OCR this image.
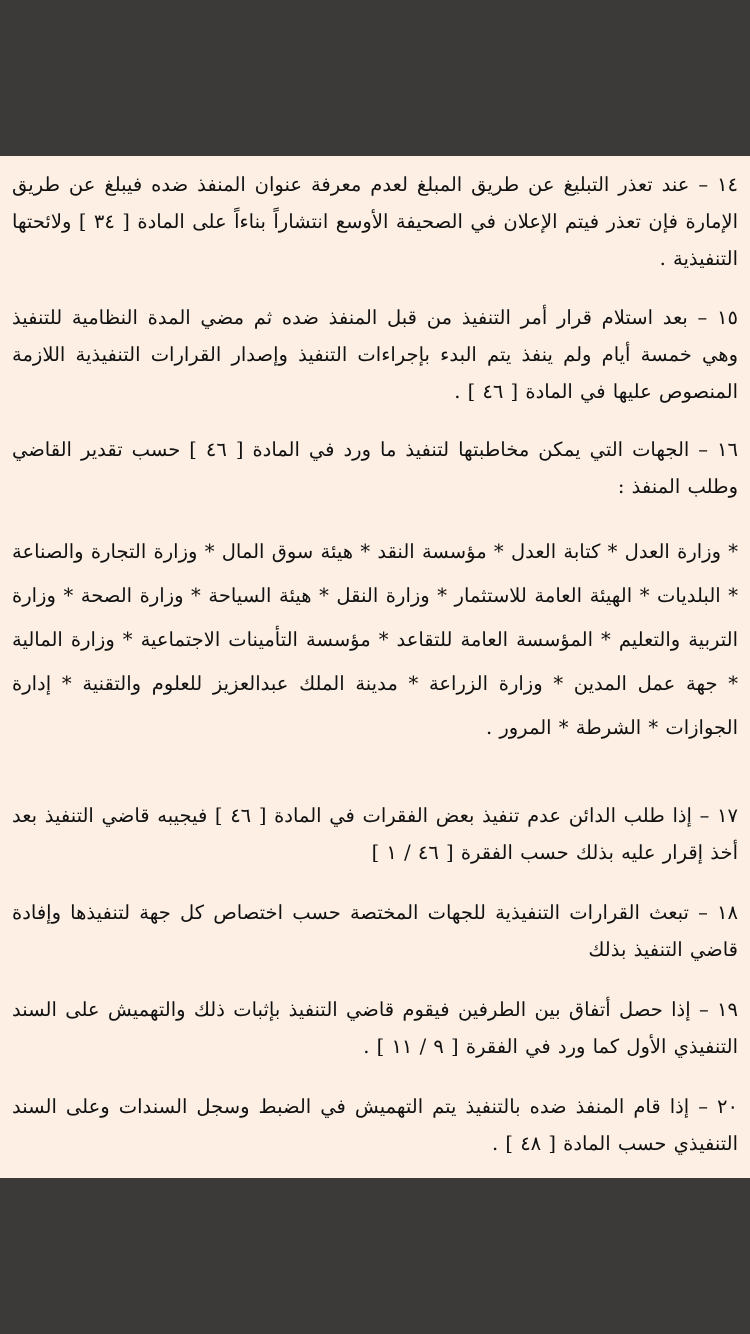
١٤ – عند تعذر التبليغ عن طريق المبلغ لعدم معرفة عنوان المنفذ ضده فيبلغ عن طريق الإمارة فإن تعذر فيتم الإعلان في الصحيفة الأوسع انتشاراً بناءاً على المادة [ ٣٤ ] ولائحتها التنفيذية .

١٥ – بعد استلام قرار أمر التنفيذ من قبل المنفذ ضده ثم مضي المدة النظامية للتنفيذ وهي خمسة أيام ولم ينفذ يتم البدء بإجراءات التنفيذ وإصدار القرارات التنفيذية اللازمة المنصوص عليها في المادة [ ٤٦ ] .

١٦ – الجهات التي يمكن مخاطبتها لتنفيذ ما ورد في المادة [ ٤٦ ] حسب تقدير القاضي وطلب المنفذ :

* وزارة العدل * كتابة العدل * مؤسسة النقد * هيئة سوق المال * وزارة التجارة والصناعة * البلديات * الهيئة العامة للاستثمار * وزارة النقل * هيئة السياحة * وزارة الصحة * وزارة التربية والتعليم * المؤسسة العامة للتقاعد * مؤسسة التأمينات الاجتماعية * وزارة المالية * جهة عمل المدين * وزارة الزراعة * مدينة الملك عبدالعزيز للعلوم والتقنية * إدارة الجوازات * الشرطة * المرور .

١٧ – إذا طلب الدائن عدم تنفيذ بعض الفقرات في المادة [ ٤٦ ] فيجيبه قاضي التنفيذ بعد أخذ إقرار عليه بذلك حسب الفقرة [ ٤٦ / ١ ]

١٨ – تبعث القرارات التنفيذية للجهات المختصة حسب اختصاص كل جهة لتنفيذها وإفادة قاضي التنفيذ بذلك

١٩ – إذا حصل أتفاق بين الطرفين فيقوم قاضي التنفيذ بإثبات ذلك والتهميش على السند التنفيذي الأول كما ورد في الفقرة [ ٩ / ١١ ] .

٢٠ – إذا قام المنفذ ضده بالتنفيذ يتم التهميش في الضبط وسجل السندات وعلى السند التنفيذي حسب المادة [ ٤٨ ] .
